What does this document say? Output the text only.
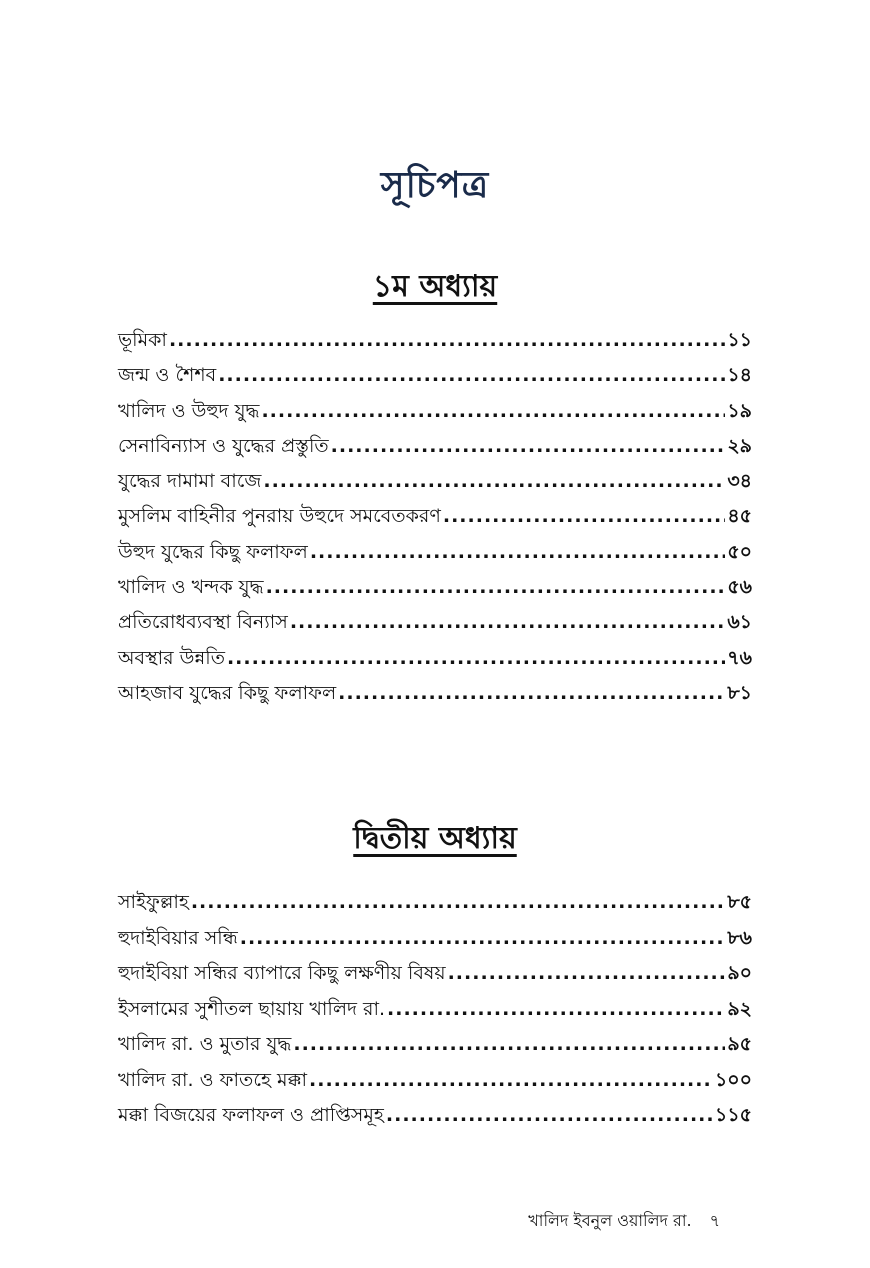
সূচিপত্র
১ম অধ্যায়
ভূমিকা .....	১১
জন্ম ও শৈশব .....	১৪
খালিদ ও উহুদ যুদ্ধ .....	১৯
সেনাবিন্যাস ও যুদ্ধের প্রস্তুতি .....	২৯
যুদ্ধের দামামা বাজে .....	৩৪
মুসলিম বাহিনীর পুনরায় উহুদে সমবেতকরণ .....	৪৫
উহুদ যুদ্ধের কিছু ফলাফল .....	৫০
খালিদ ও খন্দক যুদ্ধ .....	৫৬
প্রতিরোধব্যবস্থা বিন্যাস .....	৬১
অবস্থার উন্নতি .....	৭৬
আহজাব যুদ্ধের কিছু ফলাফল .....	৮১
দ্বিতীয় অধ্যায়
সাইফুল্লাহ .....	৮৫
হুদাইবিয়ার সন্ধি .....	৮৬
হুদাইবিয়া সন্ধির ব্যাপারে কিছু লক্ষণীয় বিষয় .....	৯০
ইসলামের সুশীতল ছায়ায় খালিদ রা. .....	৯২
খালিদ রা. ও মুতার যুদ্ধ .....	৯৫
খালিদ রা. ও ফাতহে মক্কা .....	১০০
মক্কা বিজয়ের ফলাফল ও প্রাপ্তিসমূহ .....	১১৫
খালিদ ইবনুল ওয়ালিদ রা. ৭
